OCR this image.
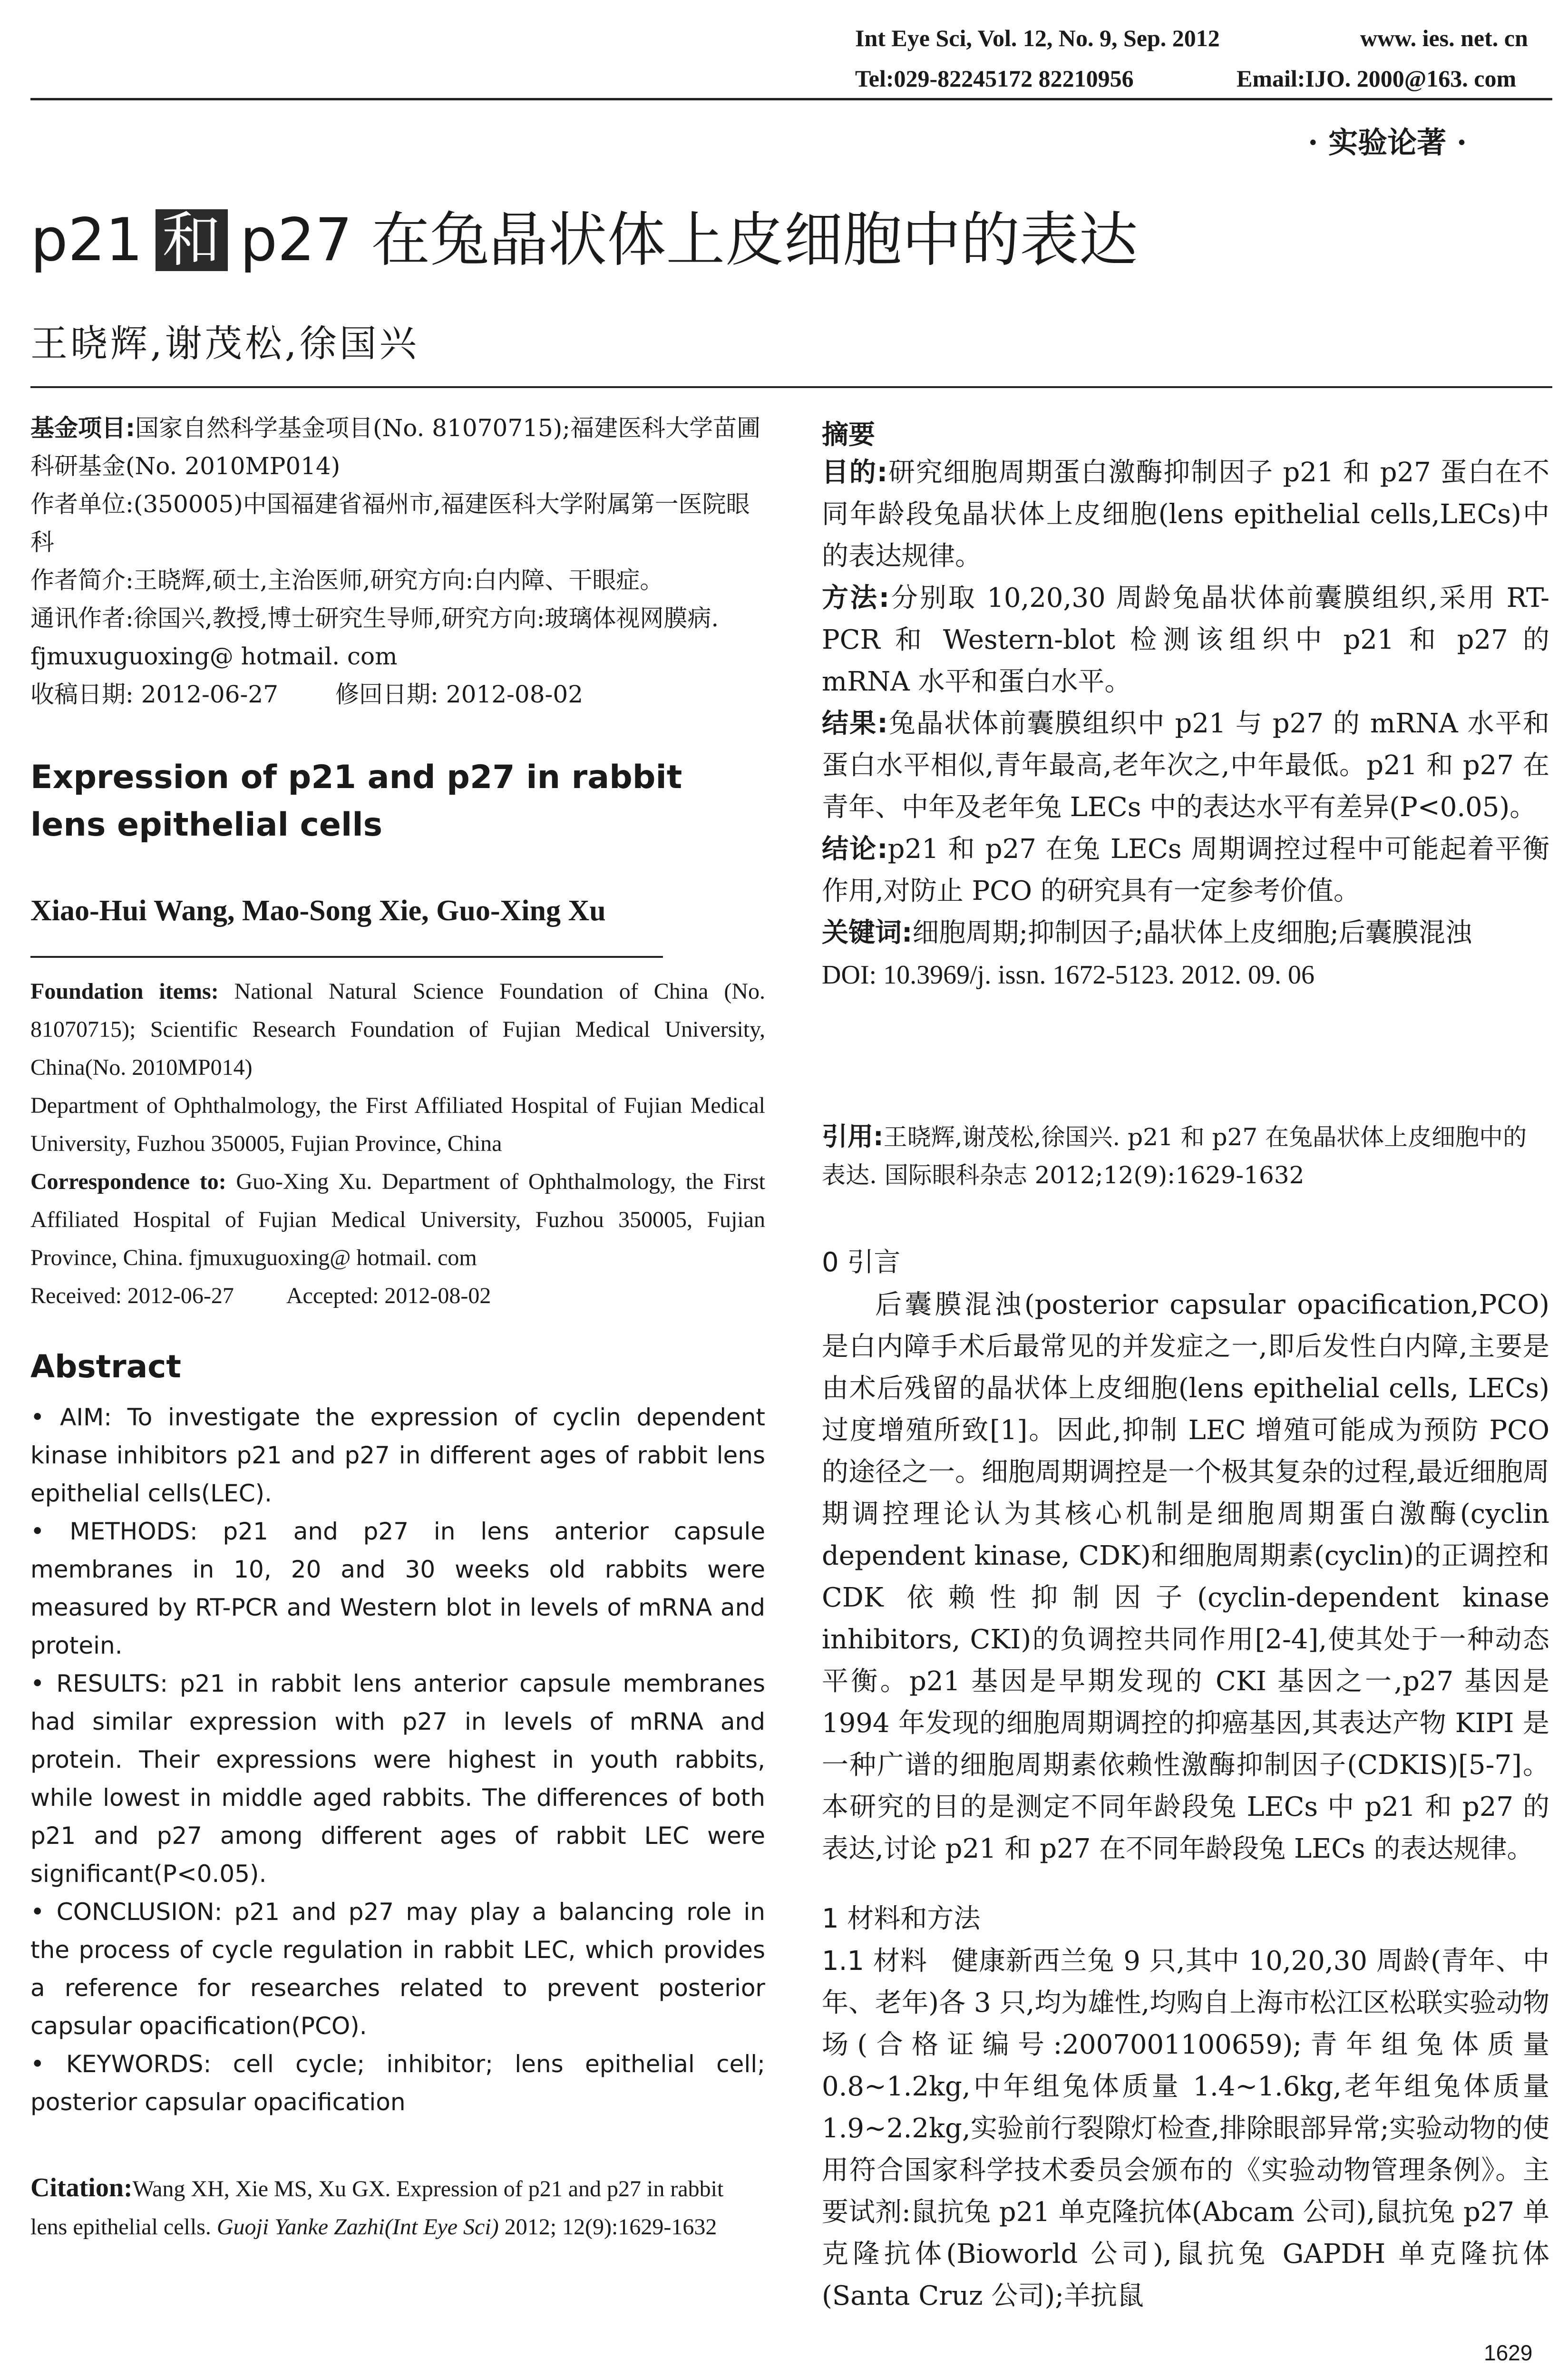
Int Eye Sci, Vol. 12, No. 9, Sep. 2012	www. ies. net. cn
Tel:029-82245172 82210956	Email:IJO. 2000@163. com
· 实验论著 ·
p21 和 p27 在兔晶状体上皮细胞中的表达
王晓辉,谢茂松,徐国兴

基金项目:国家自然科学基金项目(No. 81070715);福建医科大学苗圃科研基金(No. 2010MP014)

作者单位:(350005)中国福建省福州市,福建医科大学附属第一医院眼科

作者简介:王晓辉,硕士,主治医师,研究方向:白内障、干眼症。

通讯作者:徐国兴,教授,博士研究生导师,研究方向:玻璃体视网膜病. fjmuxuguoxing@ hotmail. com

收稿日期: 2012-06-27 修回日期: 2012-08-02

Expression of p21 and p27 in rabbit lens epithelial cells
Xiao-Hui Wang, Mao-Song Xie, Guo-Xing Xu

Foundation items: National Natural Science Foundation of China (No. 81070715); Scientific Research Foundation of Fujian Medical University, China(No. 2010MP014)

Department of Ophthalmology, the First Affiliated Hospital of Fujian Medical University, Fuzhou 350005, Fujian Province, China

Correspondence to: Guo-Xing Xu. Department of Ophthalmology, the First Affiliated Hospital of Fujian Medical University, Fuzhou 350005, Fujian Province, China. fjmuxuguoxing@ hotmail. com

Received: 2012-06-27 Accepted: 2012-08-02

Abstract

• AIM: To investigate the expression of cyclin dependent kinase inhibitors p21 and p27 in different ages of rabbit lens epithelial cells(LEC).

• METHODS: p21 and p27 in lens anterior capsule membranes in 10, 20 and 30 weeks old rabbits were measured by RT-PCR and Western blot in levels of mRNA and protein.

• RESULTS: p21 in rabbit lens anterior capsule membranes had similar expression with p27 in levels of mRNA and protein. Their expressions were highest in youth rabbits, while lowest in middle aged rabbits. The differences of both p21 and p27 among different ages of rabbit LEC were significant(P<0.05).

• CONCLUSION: p21 and p27 may play a balancing role in the process of cycle regulation in rabbit LEC, which provides a reference for researches related to prevent posterior capsular opacification(PCO).

• KEYWORDS: cell cycle; inhibitor; lens epithelial cell; posterior capsular opacification

Citation:Wang XH, Xie MS, Xu GX. Expression of p21 and p27 in rabbit lens epithelial cells. Guoji Yanke Zazhi(Int Eye Sci) 2012; 12(9):1629-1632
摘要

目的:研究细胞周期蛋白激酶抑制因子 p21 和 p27 蛋白在不同年龄段兔晶状体上皮细胞(lens epithelial cells,LECs)中的表达规律。

方法:分别取 10,20,30 周龄兔晶状体前囊膜组织,采用 RT-PCR 和 Western-blot 检测该组织中 p21 和 p27 的 mRNA 水平和蛋白水平。

结果:兔晶状体前囊膜组织中 p21 与 p27 的 mRNA 水平和蛋白水平相似,青年最高,老年次之,中年最低。p21 和 p27 在青年、中年及老年兔 LECs 中的表达水平有差异(P<0.05)。

结论:p21 和 p27 在兔 LECs 周期调控过程中可能起着平衡作用,对防止 PCO 的研究具有一定参考价值。

关键词:细胞周期;抑制因子;晶状体上皮细胞;后囊膜混浊

DOI: 10.3969/j. issn. 1672-5123. 2012. 09. 06

引用:王晓辉,谢茂松,徐国兴. p21 和 p27 在兔晶状体上皮细胞中的表达. 国际眼科杂志 2012;12(9):1629-1632
0 引言

后囊膜混浊(posterior capsular opacification,PCO)是白内障手术后最常见的并发症之一,即后发性白内障,主要是由术后残留的晶状体上皮细胞(lens epithelial cells, LECs)过度增殖所致[1]。因此,抑制 LEC 增殖可能成为预防 PCO 的途径之一。细胞周期调控是一个极其复杂的过程,最近细胞周期调控理论认为其核心机制是细胞周期蛋白激酶(cyclin dependent kinase, CDK)和细胞周期素(cyclin)的正调控和 CDK 依赖性抑制因子(cyclin-dependent kinase inhibitors, CKI)的负调控共同作用[2-4],使其处于一种动态平衡。p21 基因是早期发现的 CKI 基因之一,p27 基因是 1994 年发现的细胞周期调控的抑癌基因,其表达产物 KIPI 是一种广谱的细胞周期素依赖性激酶抑制因子(CDKIS)[5-7]。本研究的目的是测定不同年龄段兔 LECs 中 p21 和 p27 的表达,讨论 p21 和 p27 在不同年龄段兔 LECs 的表达规律。

1 材料和方法

1.1 材料 健康新西兰兔 9 只,其中 10,20,30 周龄(青年、中年、老年)各 3 只,均为雄性,均购自上海市松江区松联实验动物场(合格证编号:2007001100659);青年组兔体质量 0.8~1.2kg,中年组兔体质量 1.4~1.6kg,老年组兔体质量 1.9~2.2kg,实验前行裂隙灯检查,排除眼部异常;实验动物的使用符合国家科学技术委员会颁布的《实验动物管理条例》。主要试剂:鼠抗兔 p21 单克隆抗体(Abcam 公司),鼠抗兔 p27 单克隆抗体(Bioworld 公司),鼠抗兔 GAPDH 单克隆抗体(Santa Cruz 公司);羊抗鼠

1629
